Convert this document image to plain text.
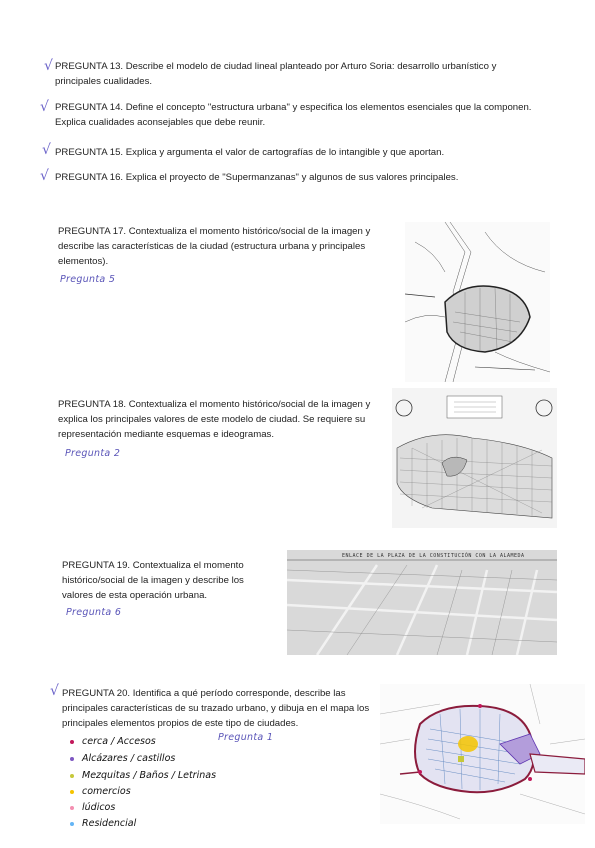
√
√
√
√
√
PREGUNTA 13. Describe el modelo de ciudad lineal planteado por Arturo Soria: desarrollo urbanístico y
principales cualidades.
PREGUNTA 14. Define el concepto "estructura urbana" y especifica los elementos esenciales que la componen.
Explica cualidades aconsejables que debe reunir.
PREGUNTA 15. Explica y argumenta el valor de cartografías de lo intangible y que aportan.
PREGUNTA 16. Explica el proyecto de "Supermanzanas" y algunos de sus valores principales.
PREGUNTA 17. Contextualiza el momento histórico/social de la imagen y
describe las características de la ciudad (estructura urbana y principales
elementos).
Pregunta 5
PREGUNTA 18. Contextualiza el momento histórico/social de la imagen y
explica los principales valores de este modelo de ciudad. Se requiere su
representación mediante esquemas e ideogramas.
Pregunta 2
PREGUNTA 19. Contextualiza el momento
histórico/social de la imagen y describe los
valores de esta operación urbana.
Pregunta 6
ENLACE DE LA PLAZA DE LA CONSTITUCIÓN CON LA ALAMEDA
PREGUNTA 20. Identifica a qué período corresponde, describe las
principales características de su trazado urbano, y dibuja en el mapa los
principales elementos propios de este tipo de ciudades.
Pregunta 1
cerca / Accesos
Alcázares / castillos
Mezquitas / Baños / Letrinas
comercios
lúdicos
Residencial
